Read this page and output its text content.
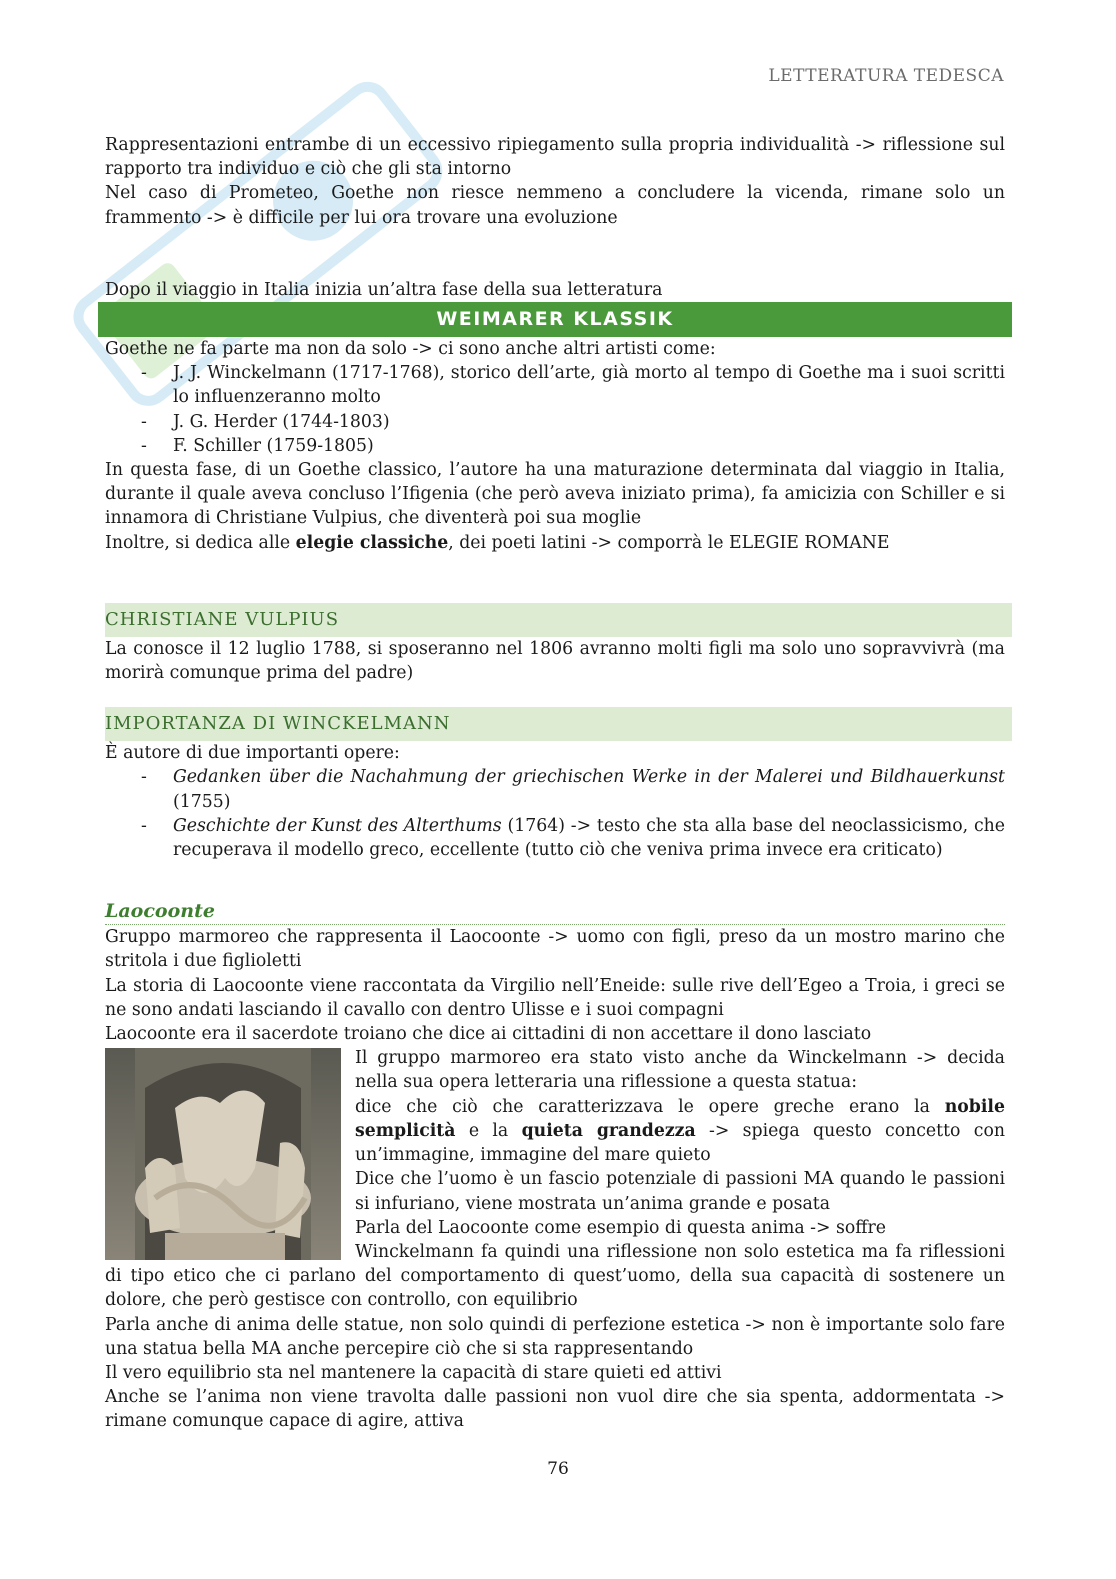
LETTERATURA TEDESCA

Rappresentazioni entrambe di un eccessivo ripiegamento sulla propria individualità -> riflessione sul rapporto tra individuo e ciò che gli sta intorno

Nel caso di Prometeo, Goethe non riesce nemmeno a concludere la vicenda, rimane solo un frammento -> è difficile per lui ora trovare una evoluzione

Dopo il viaggio in Italia inizia un’altra fase della sua letteratura

WEIMARER KLASSIK

Goethe ne fa parte ma non da solo -> ci sono anche altri artisti come:

- J. J. Winckelmann (1717-1768), storico dell’arte, già morto al tempo di Goethe ma i suoi scritti lo influenzeranno molto
- J. G. Herder (1744-1803)
- F. Schiller (1759-1805)

In questa fase, di un Goethe classico, l’autore ha una maturazione determinata dal viaggio in Italia, durante il quale aveva concluso l’Ifigenia (che però aveva iniziato prima), fa amicizia con Schiller e si innamora di Christiane Vulpius, che diventerà poi sua moglie

Inoltre, si dedica alle elegie classiche, dei poeti latini -> comporrà le ELEGIE ROMANE

CHRISTIANE VULPIUS

La conosce il 12 luglio 1788, si sposeranno nel 1806 avranno molti figli ma solo uno sopravvivrà (ma morirà comunque prima del padre)

IMPORTANZA DI WINCKELMANN

È autore di due importanti opere:

- Gedanken über die Nachahmung der griechischen Werke in der Malerei und Bildhauerkunst (1755)
- Geschichte der Kunst des Alterthums (1764) -> testo che sta alla base del neoclassicismo, che recuperava il modello greco, eccellente (tutto ciò che veniva prima invece era criticato)
Laocoonte

Gruppo marmoreo che rappresenta il Laocoonte -> uomo con figli, preso da un mostro marino che stritola i due figlioletti

La storia di Laocoonte viene raccontata da Virgilio nell’Eneide: sulle rive dell’Egeo a Troia, i greci se ne sono andati lasciando il cavallo con dentro Ulisse e i suoi compagni

Laocoonte era il sacerdote troiano che dice ai cittadini di non accettare il dono lasciato

Il gruppo marmoreo era stato visto anche da Winckelmann -> decida nella sua opera letteraria una riflessione a questa statua:

dice che ciò che caratterizzava le opere greche erano la nobile semplicità e la quieta grandezza -> spiega questo concetto con un’immagine, immagine del mare quieto

Dice che l’uomo è un fascio potenziale di passioni MA quando le passioni si infuriano, viene mostrata un’anima grande e posata

Parla del Laocoonte come esempio di questa anima -> soffre

Winckelmann fa quindi una riflessione non solo estetica ma fa riflessioni di tipo etico che ci parlano del comportamento di quest’uomo, della sua capacità di sostenere un dolore, che però gestisce con controllo, con equilibrio

Parla anche di anima delle statue, non solo quindi di perfezione estetica -> non è importante solo fare una statua bella MA anche percepire ciò che si sta rappresentando

Il vero equilibrio sta nel mantenere la capacità di stare quieti ed attivi

Anche se l’anima non viene travolta dalle passioni non vuol dire che sia spenta, addormentata -> rimane comunque capace di agire, attiva

76
